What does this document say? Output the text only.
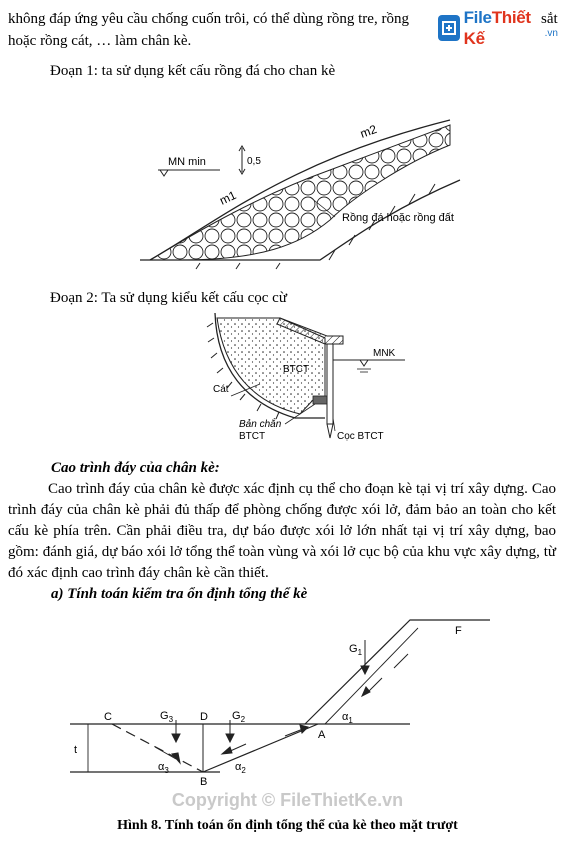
không đáp ứng yêu cầu chống cuốn trôi, có thể dùng rồng tre, rồng	sắt
hoặc rồng cát, … làm chân kè.
FileThiết Kế	.vn
Đoạn 1: ta sử dụng kết cấu rồng đá cho chan kè
MN min	0,5
m1
m2
Rồng đá hoặc rồng đất
Đoạn 2: Ta sử dụng kiểu kết cấu cọc cừ
MNK
BTCT
Cát
Bản chắn
BTCT	Cọc BTCT
Cao trình đáy của chân kè:
Cao trình đáy của chân kè được xác định cụ thể cho đoạn kè tại vị trí xây dựng. Cao trình đáy của chân kè phải đủ thấp để phòng chống được xói lở, đảm bảo an toàn cho kết cấu kè phía trên. Cần phải điều tra, dự báo được xói lở lớn nhất tại vị trí xây dựng, bao gồm: đánh giá, dự báo xói lở tổng thể toàn vùng và xói lở cục bộ của khu vực xây dựng, từ đó xác định cao trình đáy chân kè cần thiết.
a) Tính toán kiểm tra ổn định tổng thể kè
t
C	D
A
B
F
$G_1$
$G_2$
$G_3$	$\alpha_1$
$\alpha_2$
$\alpha_3$
Copyright © FileThietKe.vn
Hình 8. Tính toán ổn định tổng thể của kè theo mặt trượt
